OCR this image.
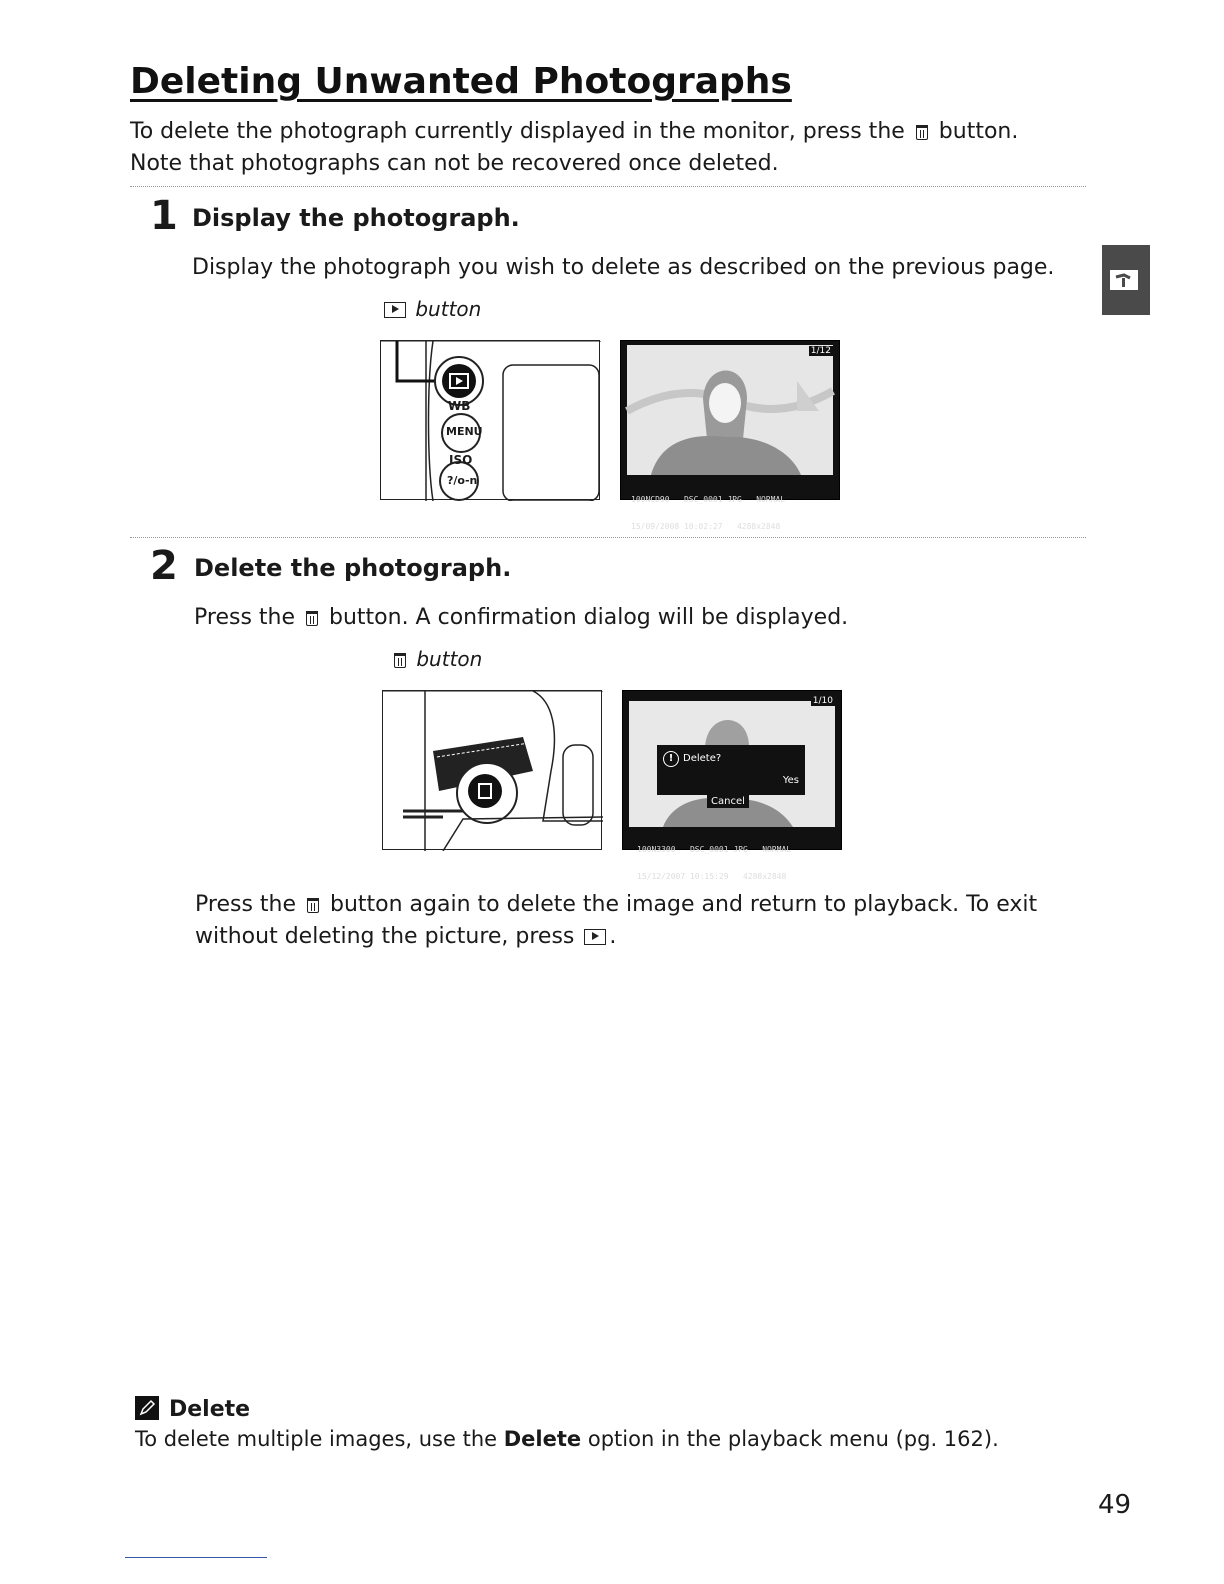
Deleting Unwanted Photographs

To delete the photograph currently displayed in the monitor, press the button.
Note that photographs can not be recovered once deleted.

1 Display the photograph.

Display the photograph you wish to delete as described on the previous page.

button
WB
MENU
ISO
?/o-n
1/12

100NCD90   DSC_0001 JPG   NORMAL

15/09/2008 10:02:27   4288x2848

2 Delete the photograph.

Press the button. A confirmation dialog will be displayed.

button
1/10
! Delete?
Yes
Cancel

100N3300   DSC_0001 JPG   NORMAL

15/12/2007 10:15:29   4288x2848

Press the button again to delete the image and return to playback. To exit
without deleting the picture, press .

Delete

To delete multiple images, use the Delete option in the playback menu (pg. 162).

49
